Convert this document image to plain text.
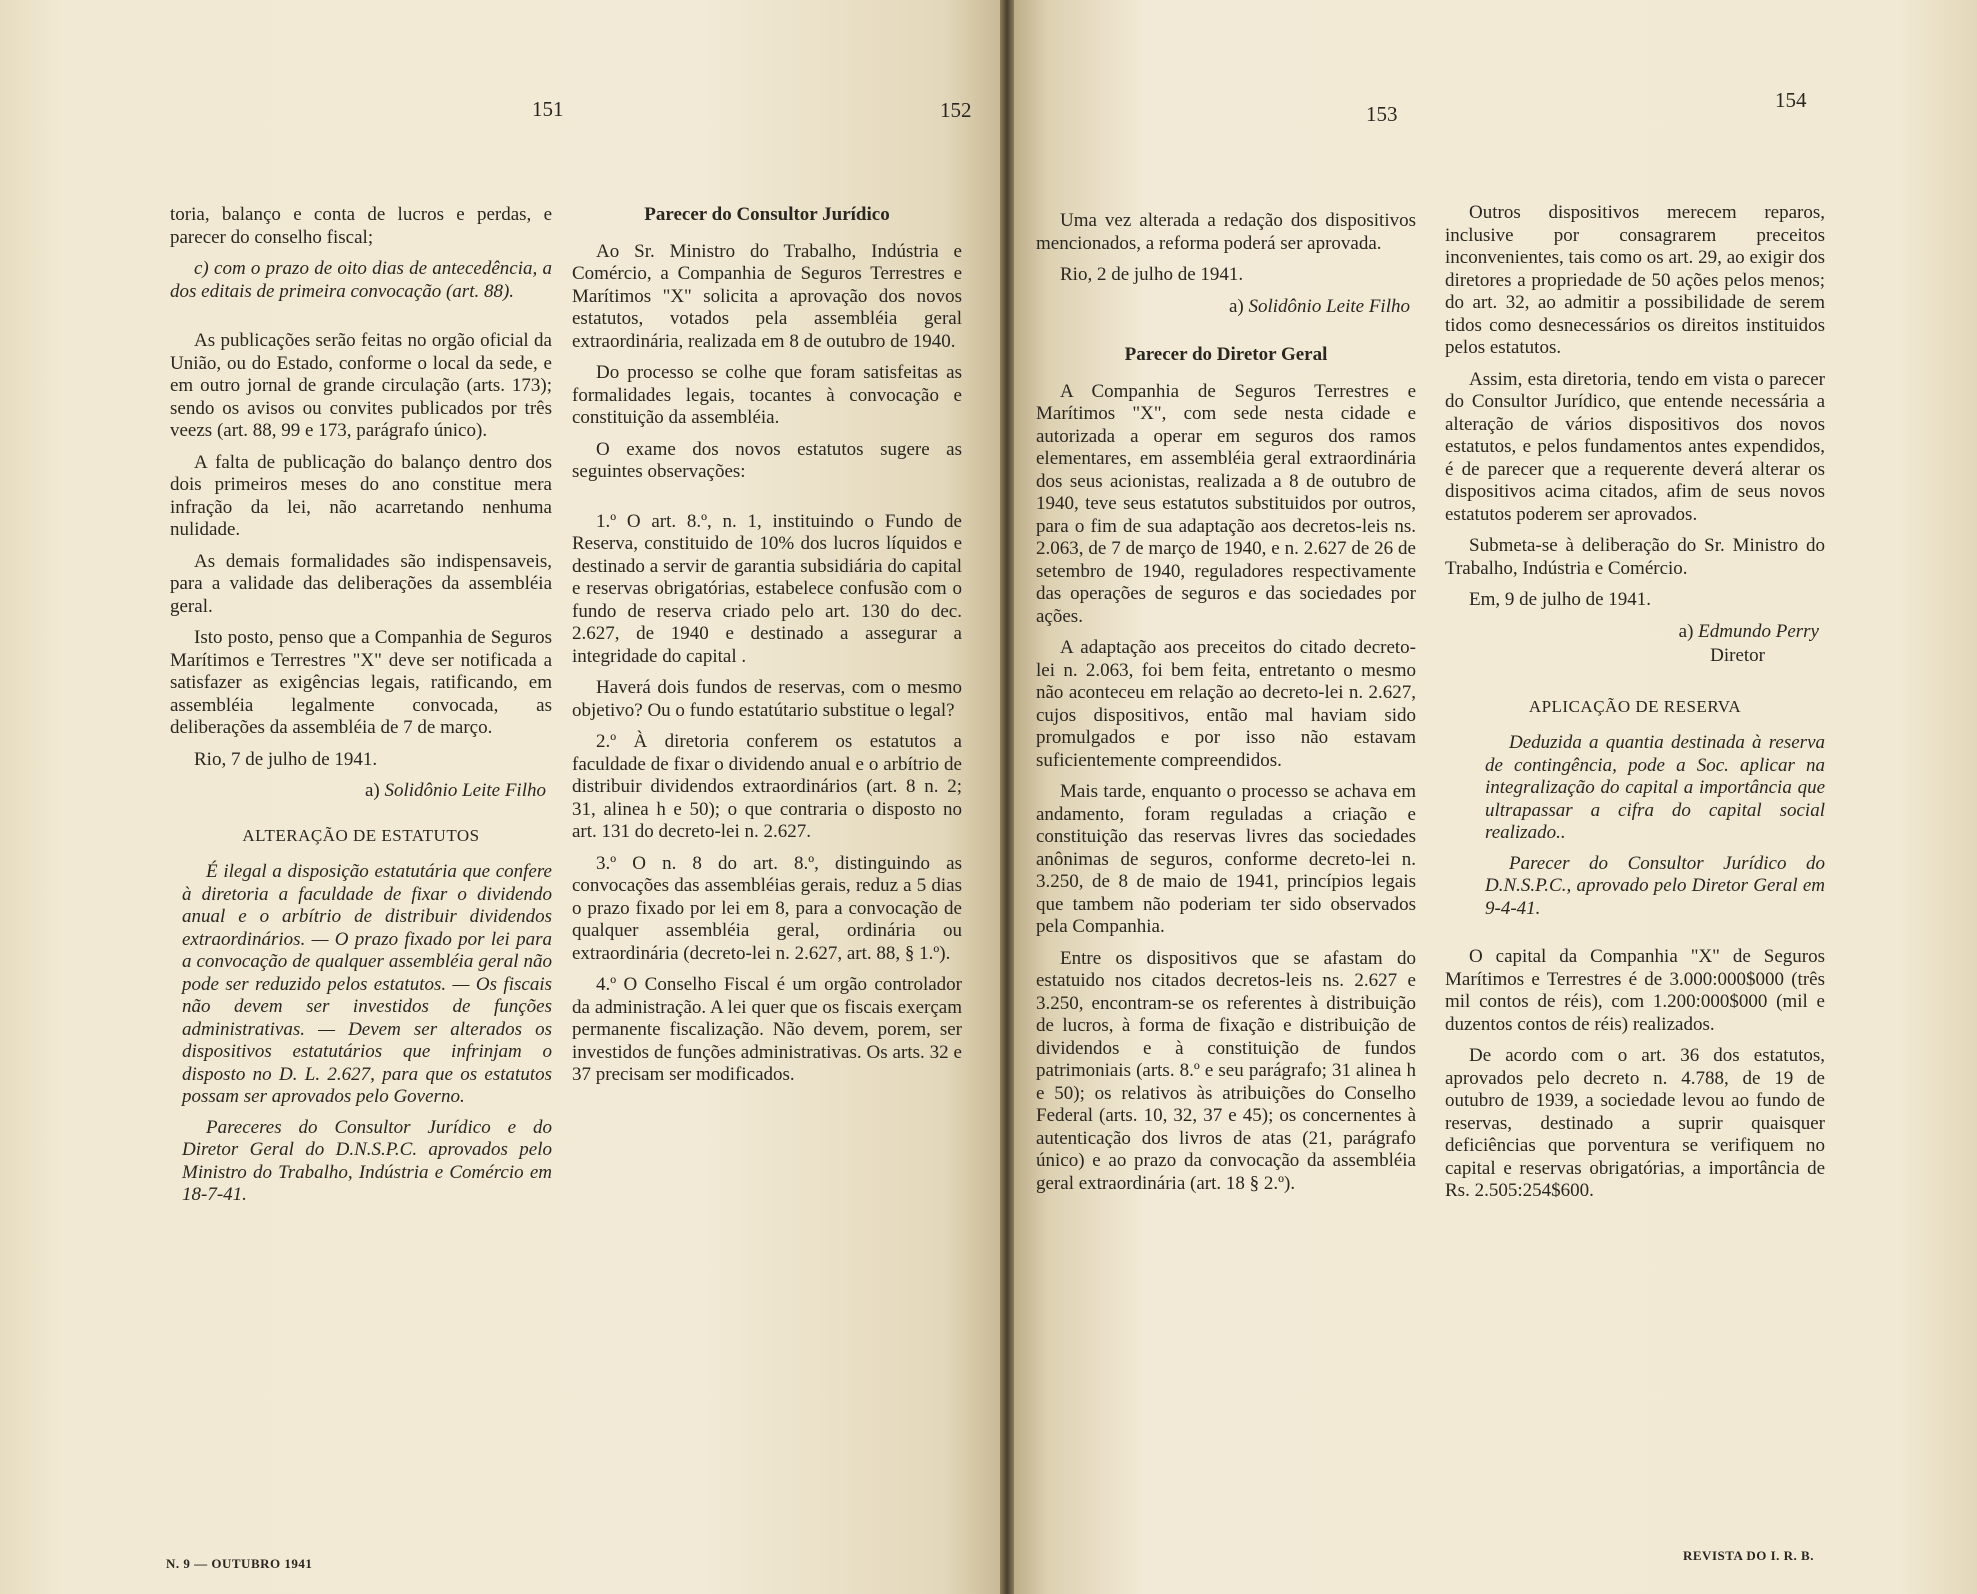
151	152	153
154

toria, balanço e conta de lucros e perdas, e parecer do conselho fiscal;

c) com o prazo de oito dias de antecedência, a dos editais de primeira convocação (art. 88).

As publicações serão feitas no orgão oficial da União, ou do Estado, conforme o local da sede, e em outro jornal de grande circulação (arts. 173); sendo os avisos ou convites publicados por três veezs (art. 88, 99 e 173, parágrafo único).

A falta de publicação do balanço dentro dos dois primeiros meses do ano constitue mera infração da lei, não acarretando nenhuma nulidade.

As demais formalidades são indispensaveis, para a validade das deliberações da assembléia geral.

Isto posto, penso que a Companhia de Seguros Marítimos e Terrestres "X" deve ser notificada a satisfazer as exigências legais, ratificando, em assembléia legalmente convocada, as deliberações da assembléia de 7 de março.

Rio, 7 de julho de 1941.

a) Solidônio Leite Filho

ALTERAÇÃO DE ESTATUTOS

É ilegal a disposição estatutária que confere à diretoria a faculdade de fixar o dividendo anual e o arbítrio de distribuir dividendos extraordinários. — O prazo fixado por lei para a convocação de qualquer assembléia geral não pode ser reduzido pelos estatutos. — Os fiscais não devem ser investidos de funções administrativas. — Devem ser alterados os dispositivos estatutários que infrinjam o disposto no D. L. 2.627, para que os estatutos possam ser aprovados pelo Governo.

Pareceres do Consultor Jurídico e do Diretor Geral do D.N.S.P.C. aprovados pelo Ministro do Trabalho, Indústria e Comércio em 18-7-41.

Parecer do Consultor Jurídico

Ao Sr. Ministro do Trabalho, Indústria e Comércio, a Companhia de Seguros Terrestres e Marítimos "X" solicita a aprovação dos novos estatutos, votados pela assembléia geral extraordinária, realizada em 8 de outubro de 1940.

Do processo se colhe que foram satisfeitas as formalidades legais, tocantes à convocação e constituição da assembléia.

O exame dos novos estatutos sugere as seguintes observações:

1.º O art. 8.º, n. 1, instituindo o Fundo de Reserva, constituido de 10% dos lucros líquidos e destinado a servir de garantia subsidiária do capital e reservas obrigatórias, estabelece confusão com o fundo de reserva criado pelo art. 130 do dec. 2.627, de 1940 e destinado a assegurar a integridade do capital .

Haverá dois fundos de reservas, com o mesmo objetivo? Ou o fundo estatútario substitue o legal?

2.º À diretoria conferem os estatutos a faculdade de fixar o dividendo anual e o arbítrio de distribuir dividendos extraordinários (art. 8 n. 2; 31, alinea h e 50); o que contraria o disposto no art. 131 do decreto-lei n. 2.627.

3.º O n. 8 do art. 8.º, distinguindo as convocações das assembléias gerais, reduz a 5 dias o prazo fixado por lei em 8, para a convocação de qualquer assembléia geral, ordinária ou extraordinária (decreto-lei n. 2.627, art. 88, § 1.º).

4.º O Conselho Fiscal é um orgão controlador da administração. A lei quer que os fiscais exerçam permanente fiscalização. Não devem, porem, ser investidos de funções administrativas. Os arts. 32 e 37 precisam ser modificados.

Uma vez alterada a redação dos dispositivos mencionados, a reforma poderá ser aprovada.

Rio, 2 de julho de 1941.

a) Solidônio Leite Filho

Parecer do Diretor Geral

A Companhia de Seguros Terrestres e Marítimos "X", com sede nesta cidade e autorizada a operar em seguros dos ramos elementares, em assembléia geral extraordinária dos seus acionistas, realizada a 8 de outubro de 1940, teve seus estatutos substituidos por outros, para o fim de sua adaptação aos decretos-leis ns. 2.063, de 7 de março de 1940, e n. 2.627 de 26 de setembro de 1940, reguladores respectivamente das operações de seguros e das sociedades por ações.

A adaptação aos preceitos do citado decreto-lei n. 2.063, foi bem feita, entretanto o mesmo não aconteceu em relação ao decreto-lei n. 2.627, cujos dispositivos, então mal haviam sido promulgados e por isso não estavam suficientemente compreendidos.

Mais tarde, enquanto o processo se achava em andamento, foram reguladas a criação e constituição das reservas livres das sociedades anônimas de seguros, conforme decreto-lei n. 3.250, de 8 de maio de 1941, princípios legais que tambem não poderiam ter sido observados pela Companhia.

Entre os dispositivos que se afastam do estatuido nos citados decretos-leis ns. 2.627 e 3.250, encontram-se os referentes à distribuição de lucros, à forma de fixação e distribuição de dividendos e à constituição de fundos patrimoniais (arts. 8.º e seu parágrafo; 31 alinea h e 50); os relativos às atribuições do Conselho Federal (arts. 10, 32, 37 e 45); os concernentes à autenticação dos livros de atas (21, parágrafo único) e ao prazo da convocação da assembléia geral extraordinária (art. 18 § 2.º).

Outros dispositivos merecem reparos, inclusive por consagrarem preceitos inconvenientes, tais como os art. 29, ao exigir dos diretores a propriedade de 50 ações pelos menos; do art. 32, ao admitir a possibilidade de serem tidos como desnecessários os direitos instituidos pelos estatutos.

Assim, esta diretoria, tendo em vista o parecer do Consultor Jurídico, que entende necessária a alteração de vários dispositivos dos novos estatutos, e pelos fundamentos antes expendidos, é de parecer que a requerente deverá alterar os dispositivos acima citados, afim de seus novos estatutos poderem ser aprovados.

Submeta-se à deliberação do Sr. Ministro do Trabalho, Indústria e Comércio.

Em, 9 de julho de 1941.

a) Edmundo Perry

Diretor

APLICAÇÃO DE RESERVA

Deduzida a quantia destinada à reserva de contingência, pode a Soc. aplicar na integralização do capital a importância que ultrapassar a cifra do capital social realizado..

Parecer do Consultor Jurídico do D.N.S.P.C., aprovado pelo Diretor Geral em 9-4-41.

O capital da Companhia "X" de Seguros Marítimos e Terrestres é de 3.000:000$000 (três mil contos de réis), com 1.200:000$000 (mil e duzentos contos de réis) realizados.

De acordo com o art. 36 dos estatutos, aprovados pelo decreto n. 4.788, de 19 de outubro de 1939, a sociedade levou ao fundo de reservas, destinado a suprir quaisquer deficiências que porventura se verifiquem no capital e reservas obrigatórias, a importância de Rs. 2.505:254$600.

N. 9 — OUTUBRO 1941
REVISTA DO I. R. B.
